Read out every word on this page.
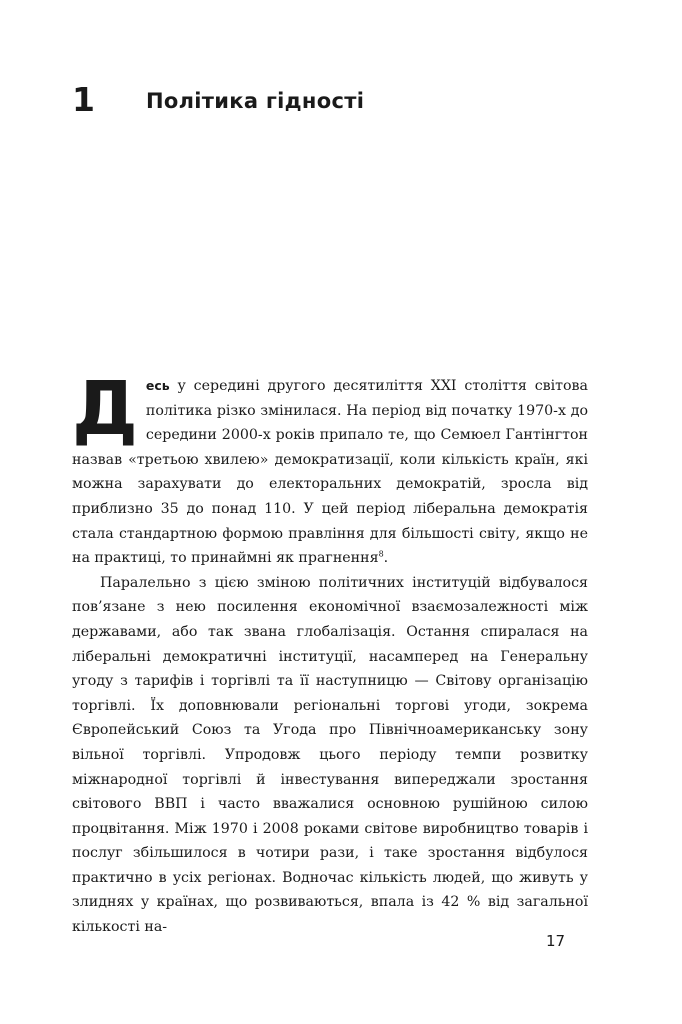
1 Політика гідності

Десь у середині другого десятиліття XXI століття світова політика різко змінилася. На період від початку 1970-х до середини 2000-х років припало те, що Семюел Гантінгтон назвав «третьою хвилею» демократизації, коли кількість країн, які можна зарахувати до електоральних демократій, зросла від приблизно 35 до понад 110. У цей період ліберальна демократія стала стандартною формою правління для більшості світу, якщо не на практиці, то принаймні як прагнення$^8$.

Паралельно з цією зміною політичних інституцій відбувалося пов’язане з нею посилення економічної взаємозалежності між державами, або так звана глобалізація. Остання спиралася на ліберальні демократичні інституції, насамперед на Генеральну угоду з тарифів і торгівлі та її наступницю — Світову організацію торгівлі. Їх доповнювали регіональні торгові угоди, зокрема Європейський Союз та Угода про Північноамериканську зону вільної торгівлі. Упродовж цього періоду темпи розвитку міжнародної торгівлі й інвестування випереджали зростання світового ВВП і часто вважалися основною рушійною силою процвітання. Між 1970 і 2008 роками світове виробництво товарів і послуг збільшилося в чотири рази, і таке зростання відбулося практично в усіх регіонах. Водночас кількість людей, що живуть у злиднях у країнах, що розвиваються, впала із 42 % від загальної кількості на-

17
